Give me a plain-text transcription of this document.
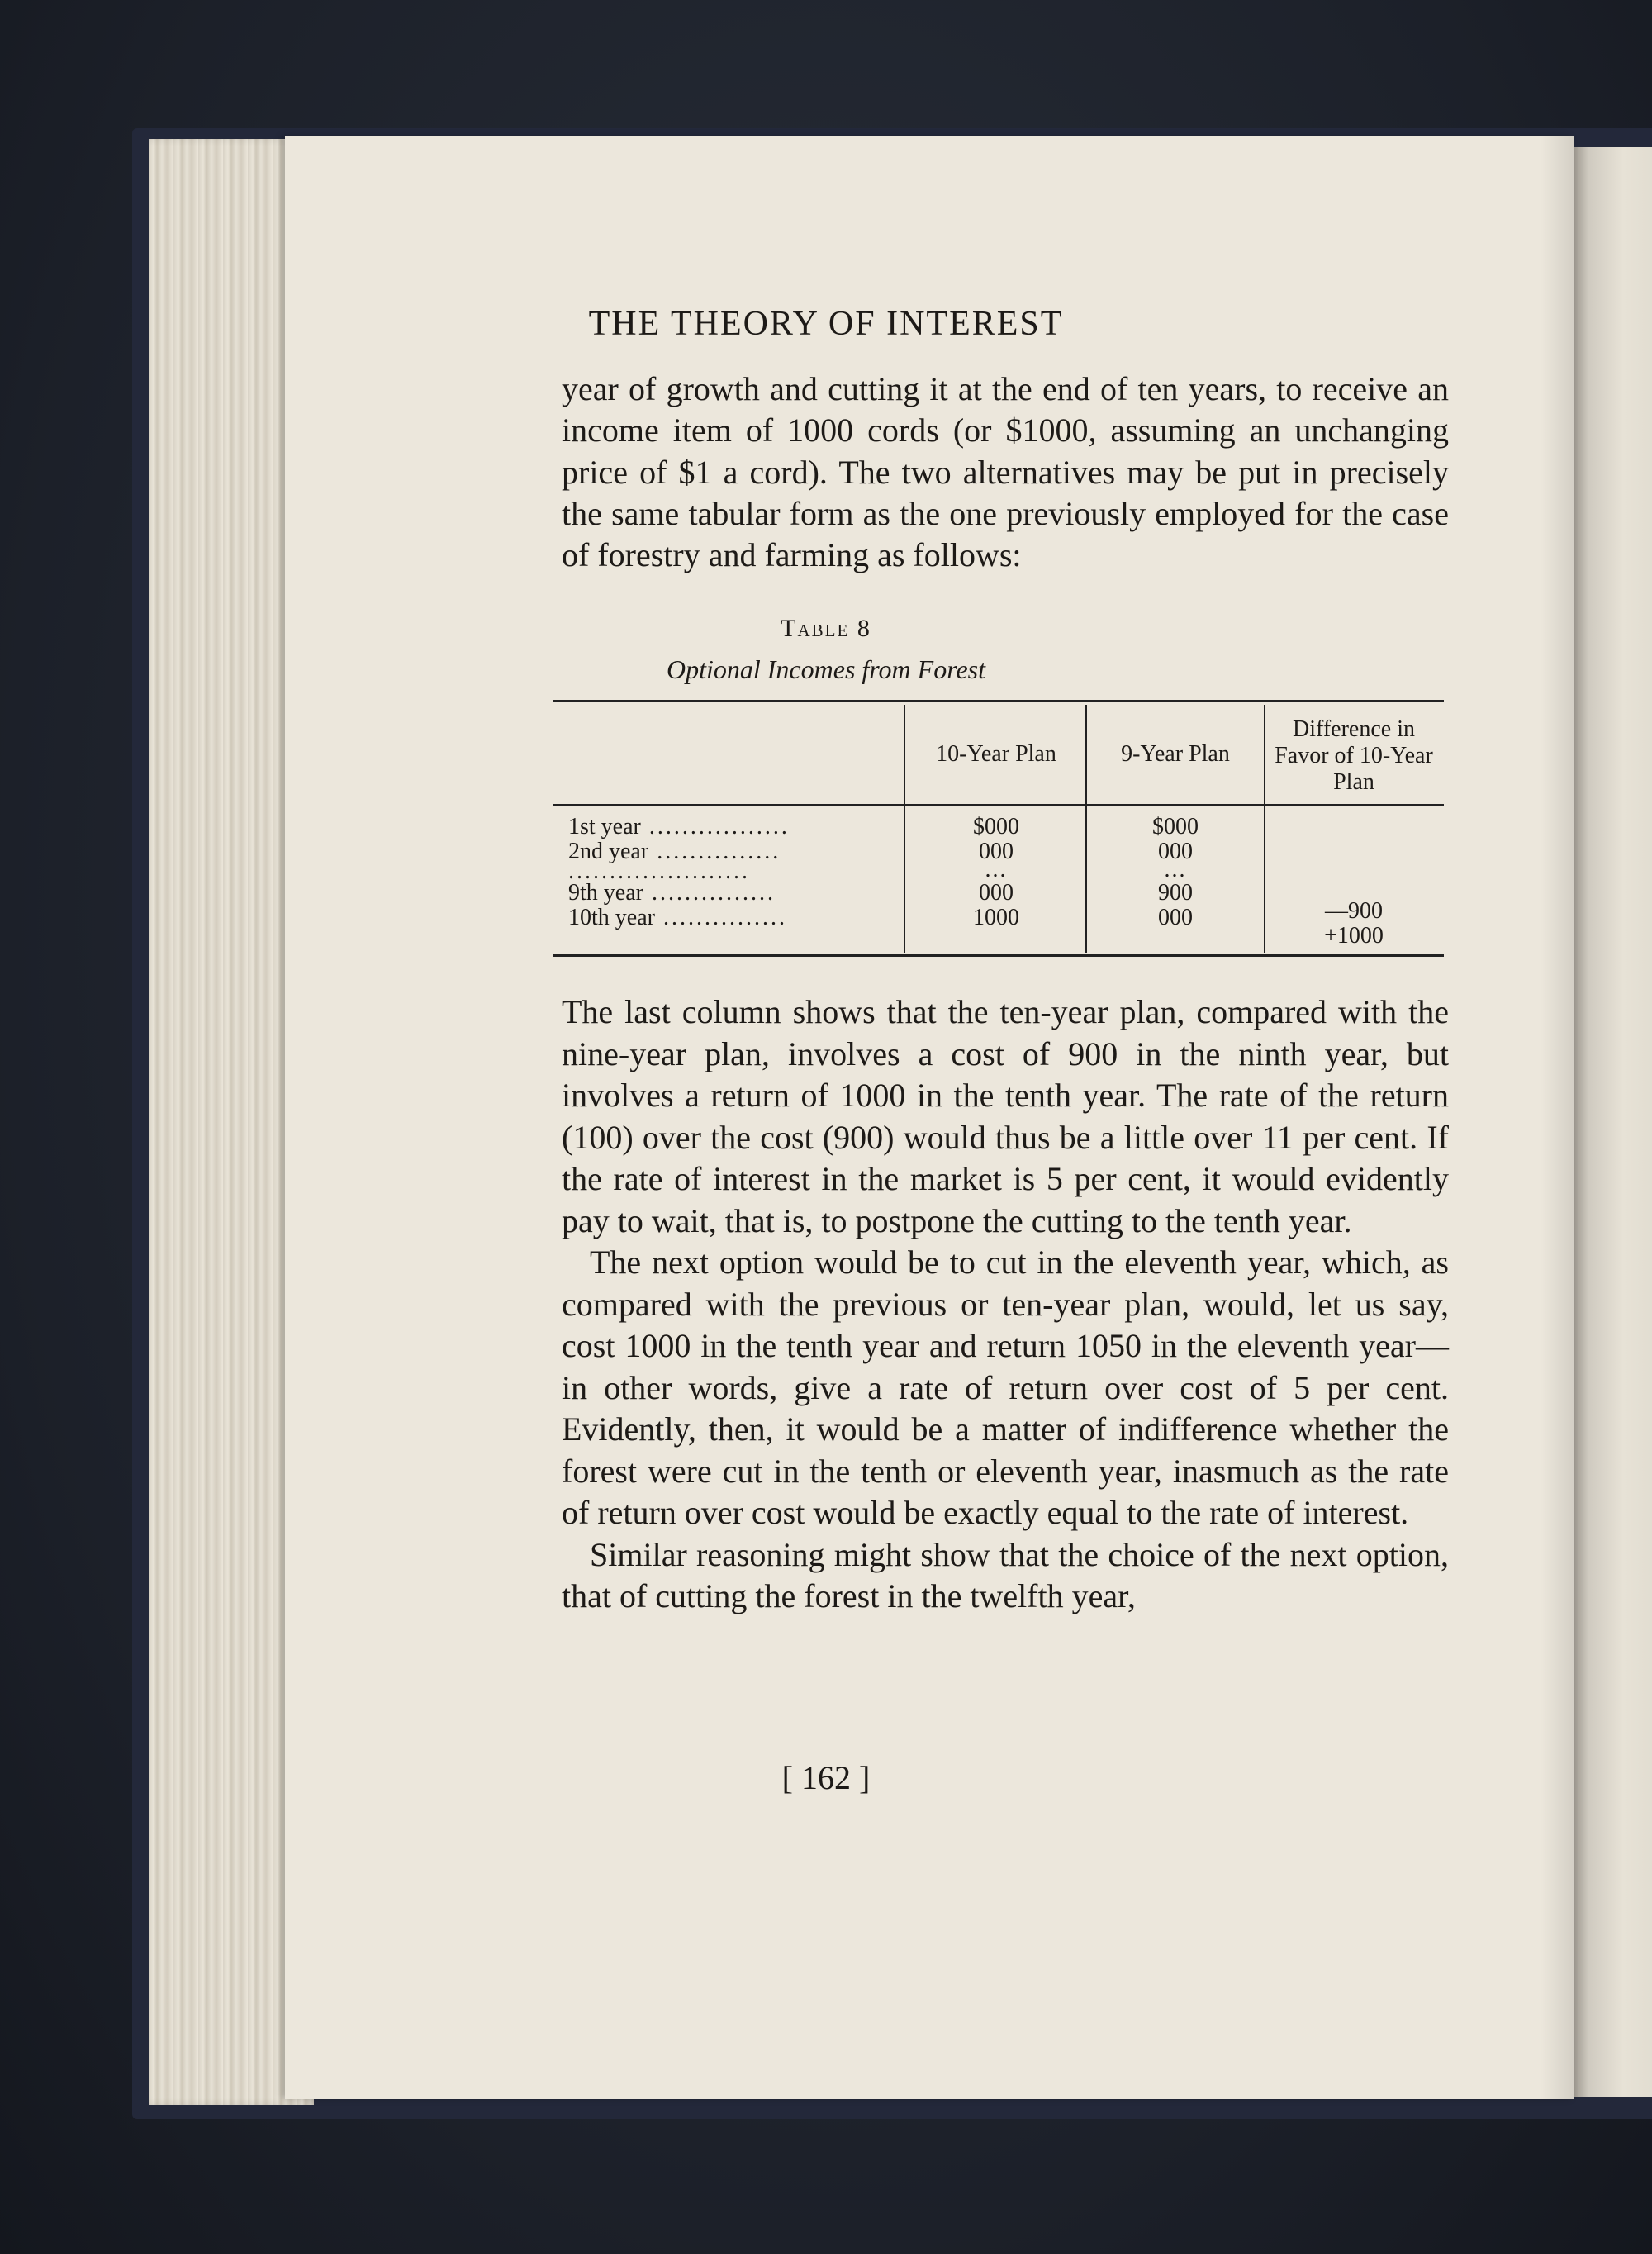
THE THEORY OF INTEREST

year of growth and cutting it at the end of ten years, to receive an income item of 1000 cords (or $1000, assuming an unchanging price of $1 a cord). The two alternatives may be put in precisely the same tabular form as the one previously employed for the case of forestry and farming as follows:

Table 8
Optional Incomes from Forest
10-Year Plan	9-Year Plan
Difference in Favor of 10-Year Plan
1st year .................
2nd year ...............
......................
9th year ...............
10th year ...............
$000
000
...
000
1000
$000
000
...
900
000	—900
+1000

The last column shows that the ten-year plan, compared with the nine-year plan, involves a cost of 900 in the ninth year, but involves a return of 1000 in the tenth year. The rate of the return (100) over the cost (900) would thus be a little over 11 per cent. If the rate of interest in the market is 5 per cent, it would evidently pay to wait, that is, to postpone the cutting to the tenth year.

The next option would be to cut in the eleventh year, which, as compared with the previous or ten-year plan, would, let us say, cost 1000 in the tenth year and return 1050 in the eleventh year—in other words, give a rate of return over cost of 5 per cent. Evidently, then, it would be a matter of indifference whether the forest were cut in the tenth or eleventh year, inasmuch as the rate of return over cost would be exactly equal to the rate of interest.

Similar reasoning might show that the choice of the next option, that of cutting the forest in the twelfth year,

[ 162 ]
